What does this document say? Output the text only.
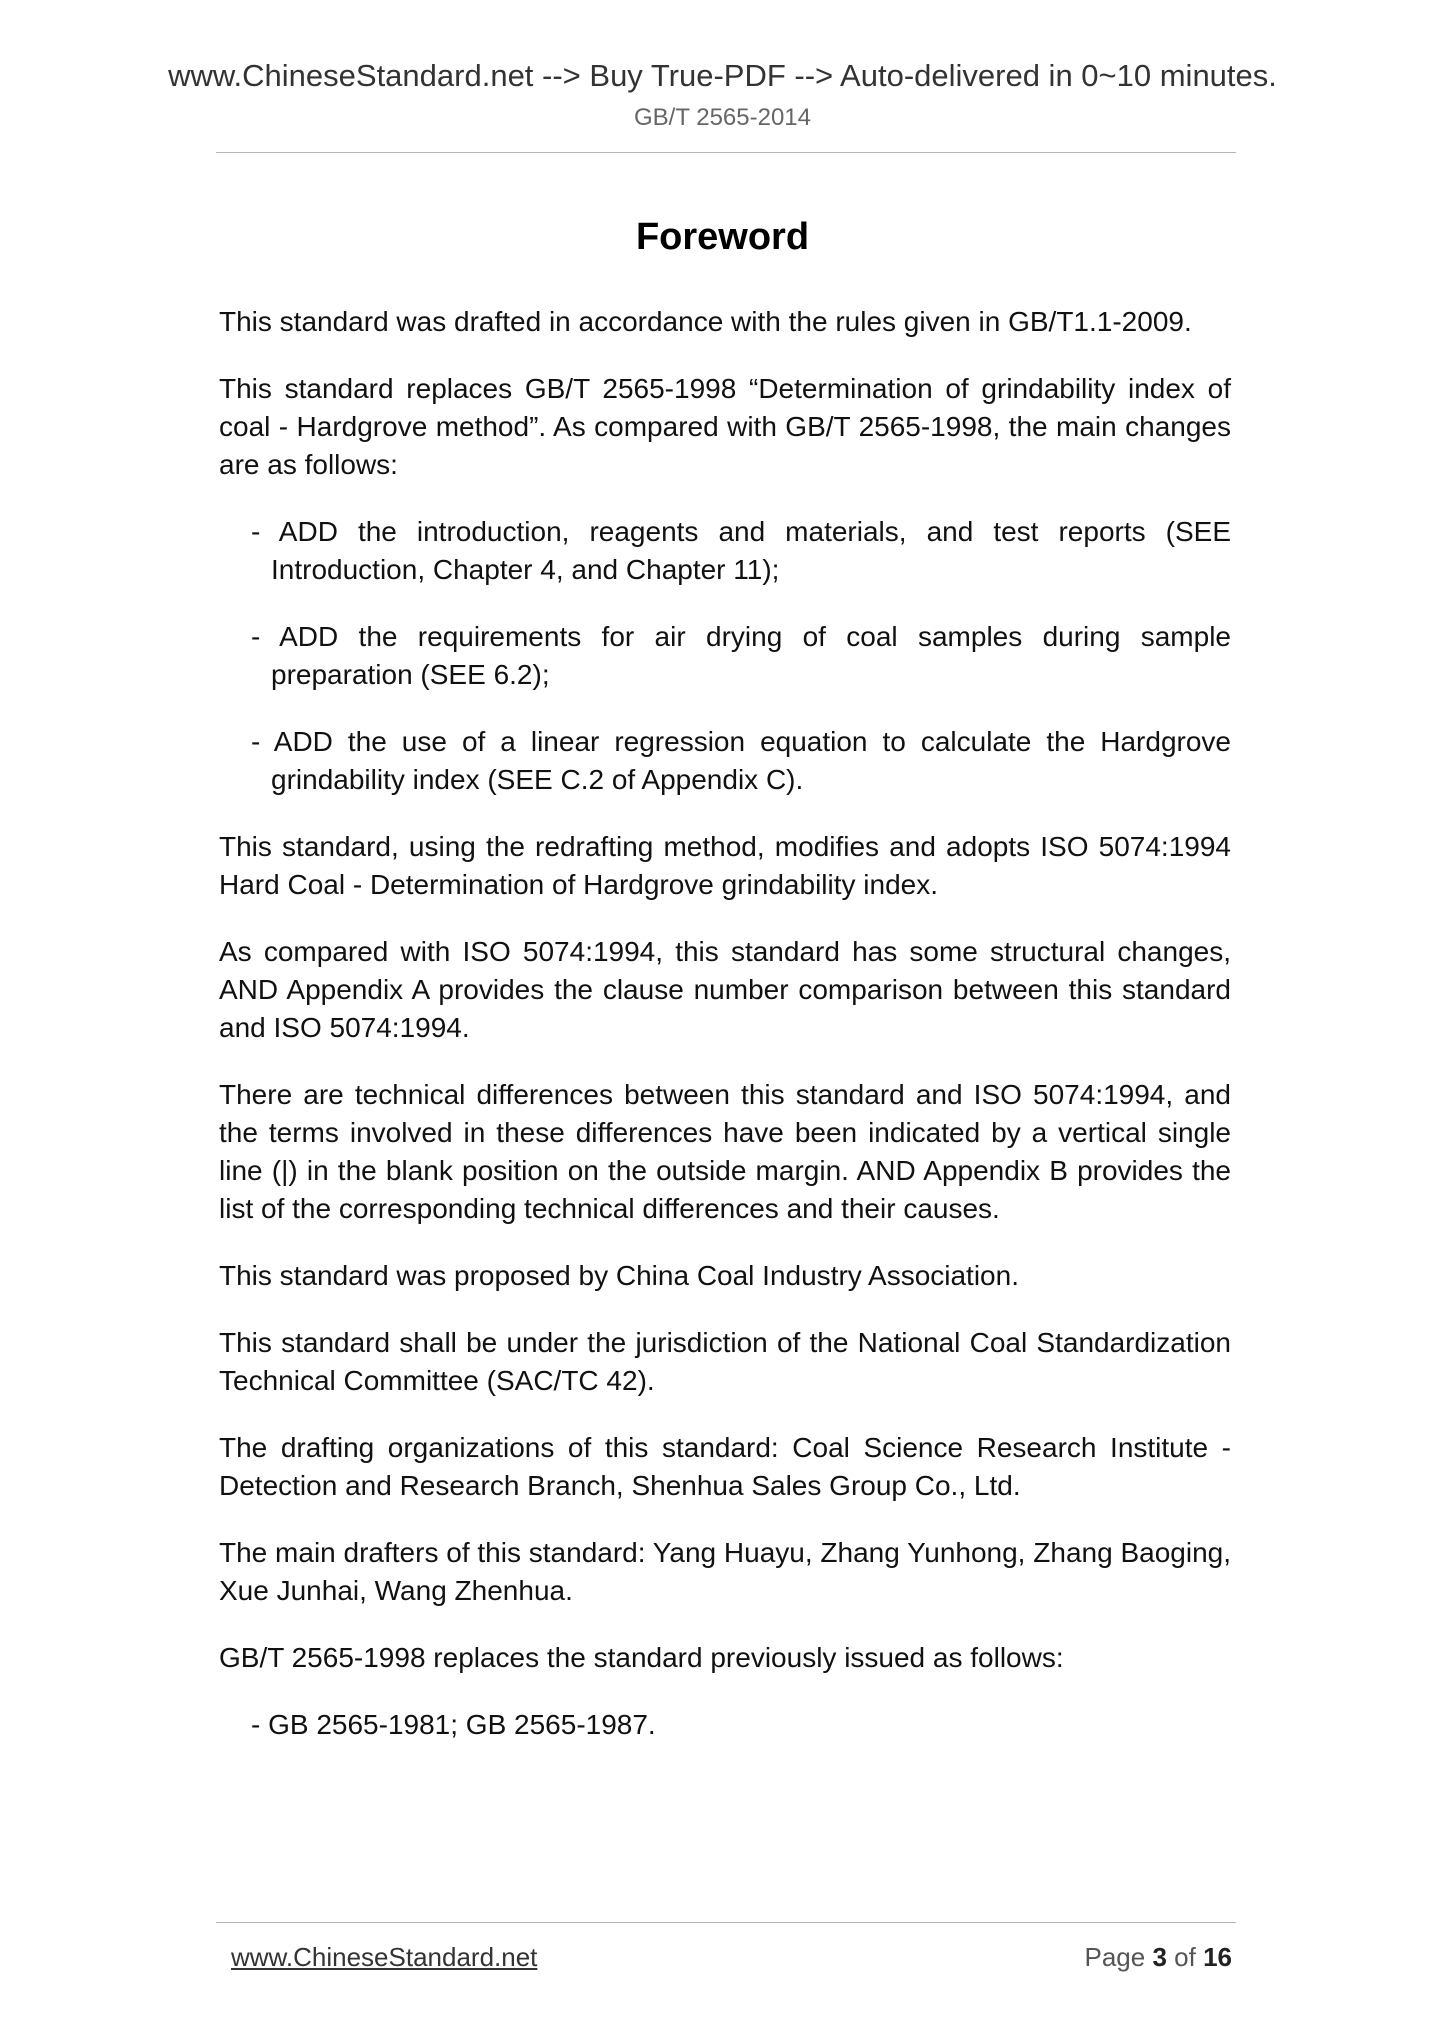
www.ChineseStandard.net --> Buy True-PDF --> Auto-delivered in 0~10 minutes.
GB/T 2565-2014
Foreword

This standard was drafted in accordance with the rules given in GB/T1.1-2009.

This standard replaces GB/T 2565-1998 “Determination of grindability index of coal - Hardgrove method”. As compared with GB/T 2565-1998, the main changes are as follows:

- ADD the introduction, reagents and materials, and test reports (SEE Introduction, Chapter 4, and Chapter 11);

- ADD the requirements for air drying of coal samples during sample preparation (SEE 6.2);

- ADD the use of a linear regression equation to calculate the Hardgrove grindability index (SEE C.2 of Appendix C).

This standard, using the redrafting method, modifies and adopts ISO 5074:1994 Hard Coal - Determination of Hardgrove grindability index.

As compared with ISO 5074:1994, this standard has some structural changes, AND Appendix A provides the clause number comparison between this standard and ISO 5074:1994.

There are technical differences between this standard and ISO 5074:1994, and the terms involved in these differences have been indicated by a vertical single line (|) in the blank position on the outside margin. AND Appendix B provides the list of the corresponding technical differences and their causes.

This standard was proposed by China Coal Industry Association.

This standard shall be under the jurisdiction of the National Coal Standardization Technical Committee (SAC/TC 42).

The drafting organizations of this standard: Coal Science Research Institute - Detection and Research Branch, Shenhua Sales Group Co., Ltd.

The main drafters of this standard: Yang Huayu, Zhang Yunhong, Zhang Baoging, Xue Junhai, Wang Zhenhua.

GB/T 2565-1998 replaces the standard previously issued as follows:

- GB 2565-1981; GB 2565-1987.

www.ChineseStandard.net	Page 3 of 16
